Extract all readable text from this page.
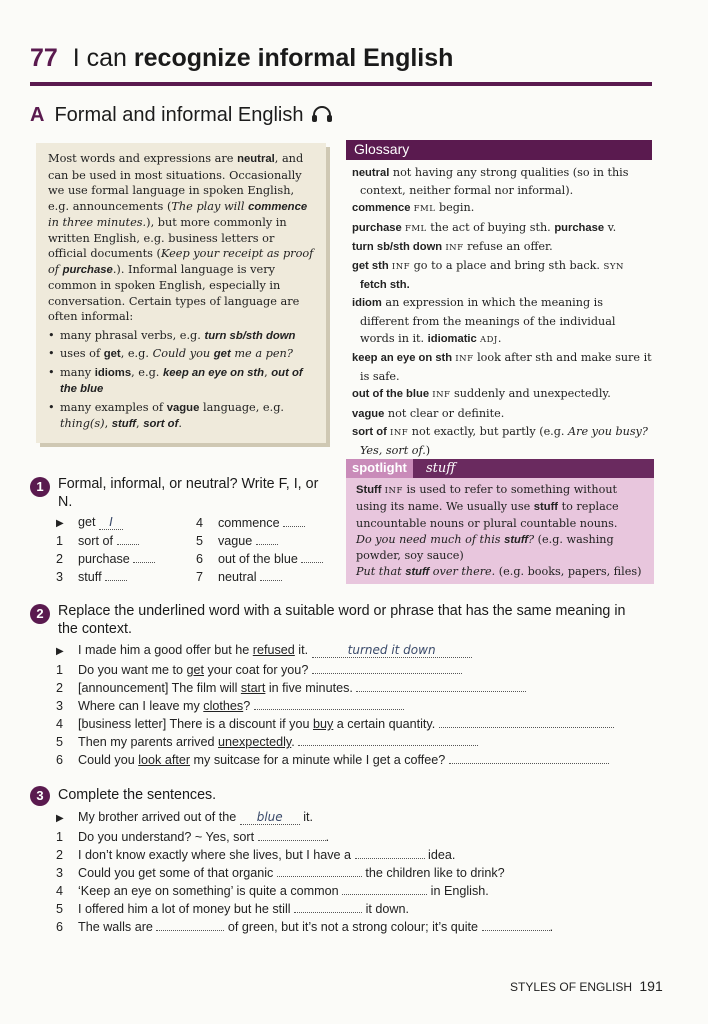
77 I can recognize informal English
A Formal and informal English

Most words and expressions are neutral, and can be used in most situations. Occasionally we use formal language in spoken English, e.g. announcements (The play will commence in three minutes.), but more commonly in written English, e.g. business letters or official documents (Keep your receipt as proof of purchase.). Informal language is very common in spoken English, especially in conversation. Certain types of language are often informal:

• many phrasal verbs, e.g. turn sb/sth down
• uses of get, e.g. Could you get me a pen?
• many idioms, e.g. keep an eye on sth, out of the blue
• many examples of vague language, e.g. thing(s), stuff, sort of.
Glossary
neutral not having any strong qualities (so in this context, neither formal nor informal).
commence FML begin.
purchase FML the act of buying sth. purchase v.
turn sb/sth down INF refuse an offer.
get sth INF go to a place and bring sth back. SYN fetch sth.
idiom an expression in which the meaning is different from the meanings of the individual words in it. idiomatic ADJ.
keep an eye on sth INF look after sth and make sure it is safe.
out of the blue INF suddenly and unexpectedly.
vague not clear or definite.
sort of INF not exactly, but partly (e.g. Are you busy? Yes, sort of.)
spotlight	stuff
Stuff INF is used to refer to something without using its name. We usually use stuff to replace uncountable nouns or plural countable nouns.
Do you need much of this stuff? (e.g. washing powder, soy sauce)
Put that stuff over there. (e.g. books, papers, files)
1	Formal, informal, or neutral? Write F, I, or N.
▶ get I
1 sort of
2 purchase
3 stuff
4 commence
5 vague
6 out of the blue
7 neutral
2	Replace the underlined word with a suitable word or phrase that has the same meaning in the context.
▶ I made him a good offer but he refused it.	turned it down
1 Do you want me to get your coat for you?
2 [announcement] The film will start in five minutes.
3 Where can I leave my clothes?
4 [business letter] There is a discount if you buy a certain quantity.
5 Then my parents arrived unexpectedly.
6 Could you look after my suitcase for a minute while I get a coffee?
3	Complete the sentences.
▶ My brother arrived out of the blue it.
1 Do you understand? ~ Yes, sort	.
2 I don’t know exactly where she lives, but I have a	idea.
3 Could you get some of that organic	the children like to drink?
4 ‘Keep an eye on something’ is quite a common	in English.
5 I offered him a lot of money but he still	it down.
6 The walls are	of green, but it’s not a strong colour; it’s quite	.
STYLES OF ENGLISH 191
